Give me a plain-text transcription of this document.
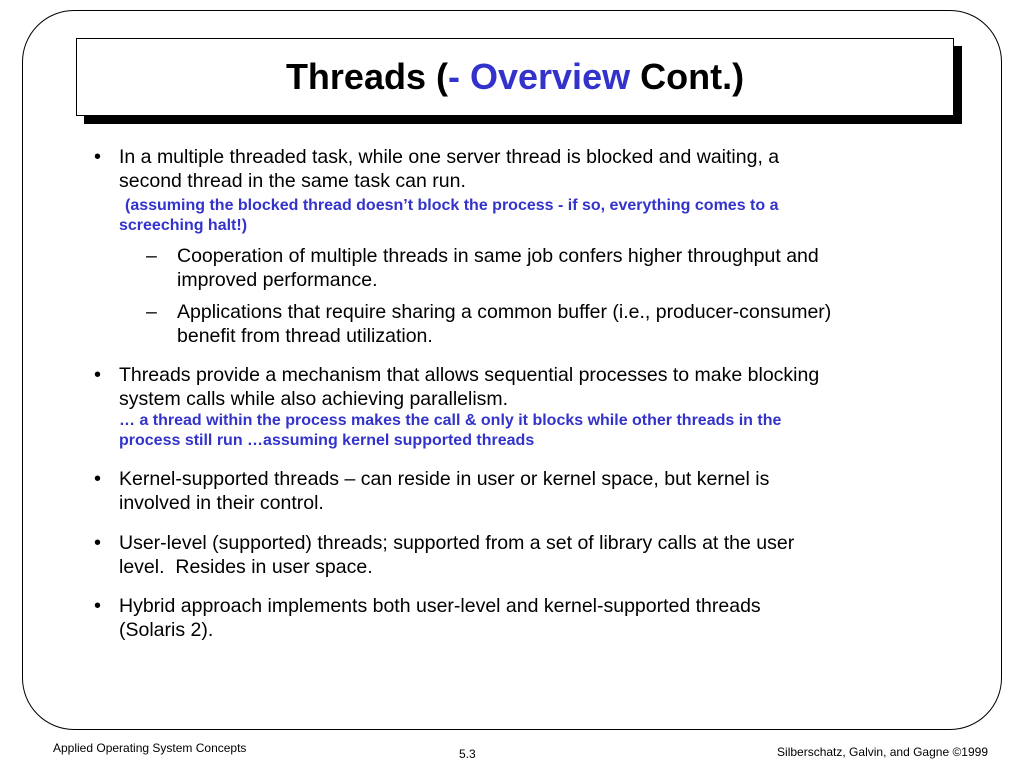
Threads (- Overview Cont.)
• In a multiple threaded task, while one server thread is blocked and waiting, a
second thread in the same task can run.
(assuming the blocked thread doesn’t block the process - if so, everything comes to a
screeching halt!)
– Cooperation of multiple threads in same job confers higher throughput and
improved performance.
– Applications that require sharing a common buffer (i.e., producer-consumer)
benefit from thread utilization.
• Threads provide a mechanism that allows sequential processes to make blocking
system calls while also achieving parallelism.
… a thread within the process makes the call & only it blocks while other threads in the
process still run …assuming kernel supported threads
• Kernel-supported threads – can reside in user or kernel space, but kernel is
involved in their control.
• User-level (supported) threads; supported from a set of library calls at the user
level.  Resides in user space.
• Hybrid approach implements both user-level and kernel-supported threads
(Solaris 2).
Applied Operating System Concepts	5.3	Silberschatz, Galvin, and Gagne ©1999
